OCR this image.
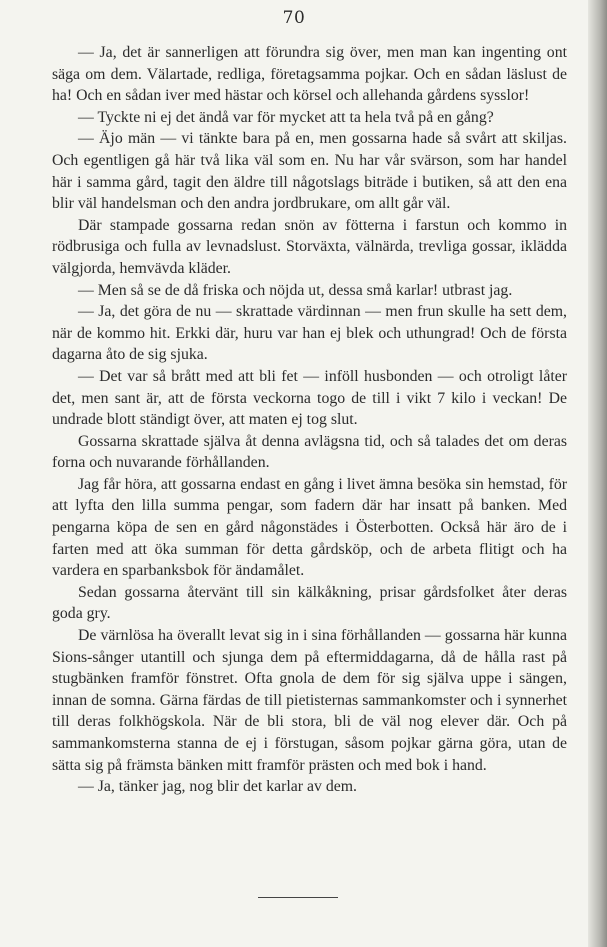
70

— Ja, det är sannerligen att förundra sig över, men man kan ingenting ont säga om dem. Välartade, redliga, företagsamma pojkar. Och en sådan läslust de ha! Och en sådan iver med hästar och körsel och allehanda gårdens sysslor!

— Tyckte ni ej det ändå var för mycket att ta hela två på en gång?

— Äjo män — vi tänkte bara på en, men gossarna hade så svårt att skiljas. Och egentligen gå här två lika väl som en. Nu har vår svärson, som har handel här i samma gård, tagit den äldre till någotslags biträde i butiken, så att den ena blir väl handelsman och den andra jordbrukare, om allt går väl.

Där stampade gossarna redan snön av fötterna i farstun och kommo in rödbrusiga och fulla av levnadslust. Storväxta, välnärda, trevliga gossar, iklädda välgjorda, hemvävda kläder.

— Men så se de då friska och nöjda ut, dessa små karlar! utbrast jag.

— Ja, det göra de nu — skrattade värdinnan — men frun skulle ha sett dem, när de kommo hit. Erkki där, huru var han ej blek och uthungrad! Och de första dagarna åto de sig sjuka.

— Det var så brått med att bli fet — inföll husbonden — och otroligt låter det, men sant är, att de första veckorna togo de till i vikt 7 kilo i veckan! De undrade blott ständigt över, att maten ej tog slut.

Gossarna skrattade själva åt denna avlägsna tid, och så talades det om deras forna och nuvarande förhållanden.

Jag får höra, att gossarna endast en gång i livet ämna besöka sin hemstad, för att lyfta den lilla summa pengar, som fadern där har insatt på banken. Med pengarna köpa de sen en gård någonstädes i Österbotten. Också här äro de i farten med att öka summan för detta gårdsköp, och de arbeta flitigt och ha vardera en sparbanksbok för ändamålet.

Sedan gossarna återvänt till sin kälkåkning, prisar gårdsfolket åter deras goda gry.

De värnlösa ha överallt levat sig in i sina förhållanden — gossarna här kunna Sions-sånger utantill och sjunga dem på eftermiddagarna, då de hålla rast på stugbänken framför fönstret. Ofta gnola de dem för sig själva uppe i sängen, innan de somna. Gärna färdas de till pietisternas sammankomster och i synnerhet till deras folkhögskola. När de bli stora, bli de väl nog elever där. Och på sammankomsterna stanna de ej i förstugan, såsom pojkar gärna göra, utan de sätta sig på främsta bänken mitt framför prästen och med bok i hand.

— Ja, tänker jag, nog blir det karlar av dem.
